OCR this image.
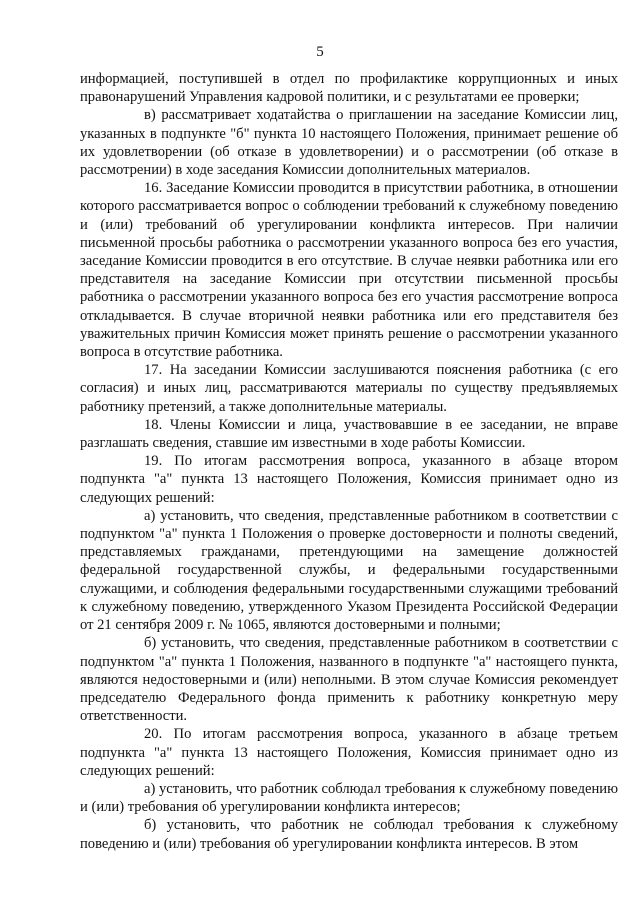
5

информацией, поступившей в отдел по профилактике коррупционных и иных правонарушений Управления кадровой политики, и с результатами ее проверки;

в) рассматривает ходатайства о приглашении на заседание Комиссии лиц, указанных в подпункте "б" пункта 10 настоящего Положения, принимает решение об их удовлетворении (об отказе в удовлетворении) и о рассмотрении (об отказе в рассмотрении) в ходе заседания Комиссии дополнительных материалов.

16. Заседание Комиссии проводится в присутствии работника, в отношении которого рассматривается вопрос о соблюдении требований к служебному поведению и (или) требований об урегулировании конфликта интересов. При наличии письменной просьбы работника о рассмотрении указанного вопроса без его участия, заседание Комиссии проводится в его отсутствие. В случае неявки работника или его представителя на заседание Комиссии при отсутствии письменной просьбы работника о рассмотрении указанного вопроса без его участия рассмотрение вопроса откладывается. В случае вторичной неявки работника или его представителя без уважительных причин Комиссия может принять решение о рассмотрении указанного вопроса в отсутствие работника.

17. На заседании Комиссии заслушиваются пояснения работника (с его согласия) и иных лиц, рассматриваются материалы по существу предъявляемых работнику претензий, а также дополнительные материалы.

18. Члены Комиссии и лица, участвовавшие в ее заседании, не вправе разглашать сведения, ставшие им известными в ходе работы Комиссии.

19. По итогам рассмотрения вопроса, указанного в абзаце втором подпункта "а" пункта 13 настоящего Положения, Комиссия принимает одно из следующих решений:

а) установить, что сведения, представленные работником в соответствии с подпунктом "а" пункта 1 Положения о проверке достоверности и полноты сведений, представляемых гражданами, претендующими на замещение должностей федеральной государственной службы, и федеральными государственными служащими, и соблюдения федеральными государственными служащими требований к служебному поведению, утвержденного Указом Президента Российской Федерации от 21 сентября 2009 г. № 1065, являются достоверными и полными;

б) установить, что сведения, представленные работником в соответствии с подпунктом "а" пункта 1 Положения, названного в подпункте "а" настоящего пункта, являются недостоверными и (или) неполными. В этом случае Комиссия рекомендует председателю Федерального фонда применить к работнику конкретную меру ответственности.

20. По итогам рассмотрения вопроса, указанного в абзаце третьем подпункта "а" пункта 13 настоящего Положения, Комиссия принимает одно из следующих решений:

а) установить, что работник соблюдал требования к служебному поведению и (или) требования об урегулировании конфликта интересов;

б) установить, что работник не соблюдал требования к служебному поведению и (или) требования об урегулировании конфликта интересов. В этом
